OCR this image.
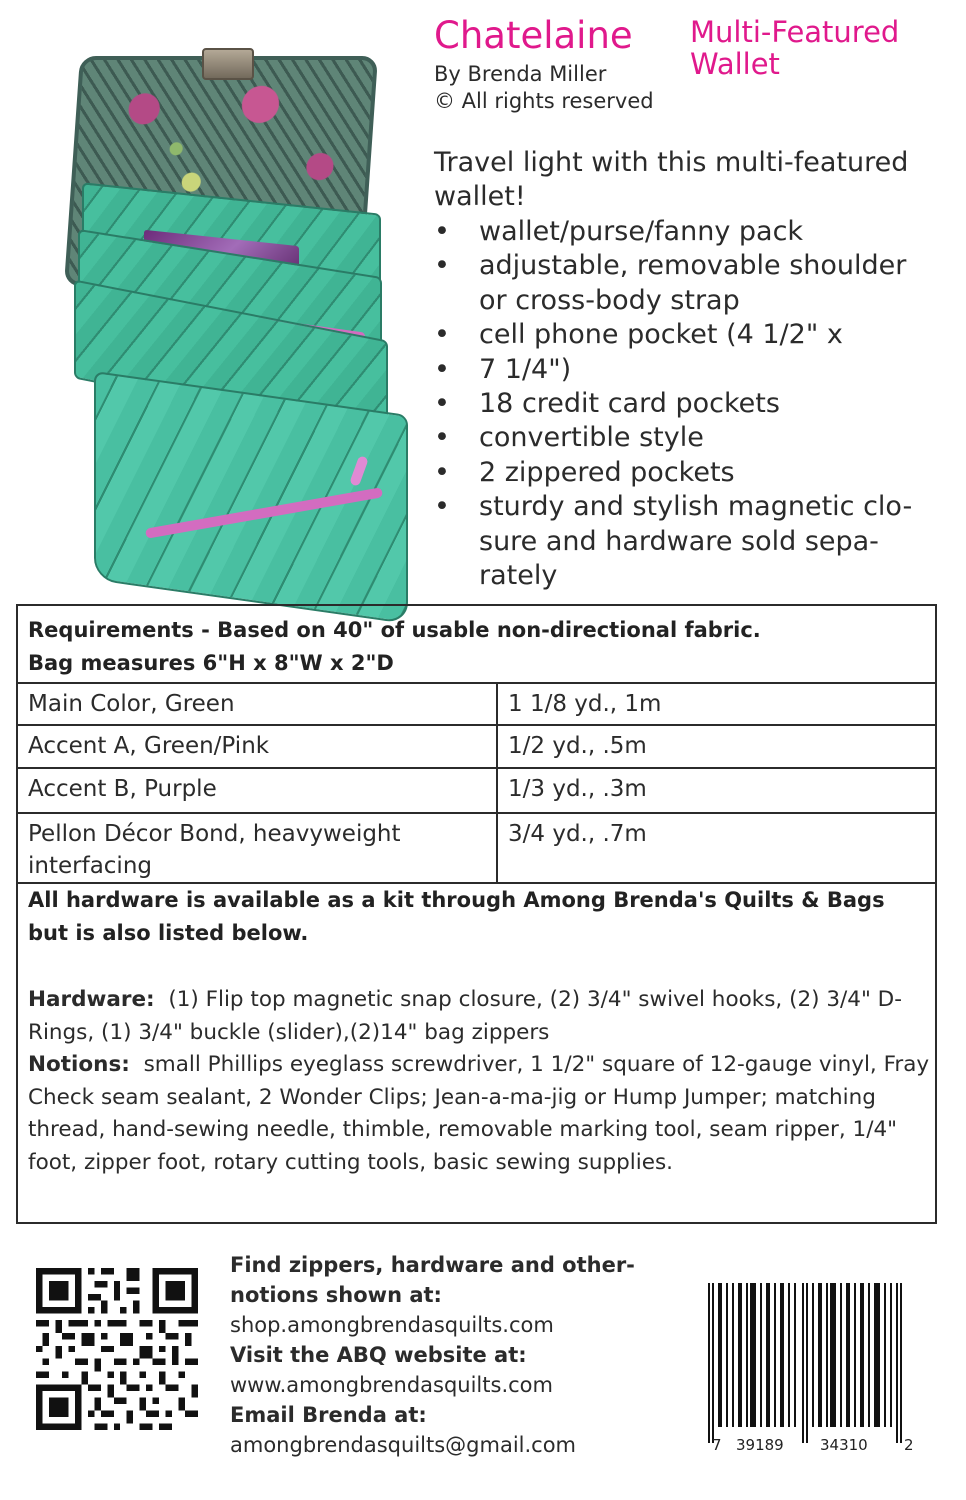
Chatelaine Multi-Featured
Wallet
By Brenda Miller
© All rights reserved
Travel light with this multi-featured wallet!
• wallet/purse/fanny pack
• adjustable, removable shoulder or cross-body strap
• cell phone pocket (4 1/2" x
• 7 1/4")
• 18 credit card pockets
• convertible style
• 2 zippered pockets
• sturdy and stylish magnetic clo- sure and hardware sold sepa- rately
Requirements - Based on 40" of usable non-directional fabric.
Bag measures 6"H x 8"W x 2"D
Main Color, Green	1 1/8 yd., 1m
Accent A, Green/Pink	1/2 yd., .5m
Accent B, Purple	1/3 yd., .3m
Pellon Décor Bond, heavyweight interfacing	3/4 yd., .7m
All hardware is available as a kit through Among Brenda's Quilts & Bags but is also listed below.
Hardware: (1) Flip top magnetic snap closure, (2) 3/4" swivel hooks, (2) 3/4" D-Rings, (1) 3/4" buckle (slider),(2)14" bag zippers
Notions: small Phillips eyeglass screwdriver, 1 1/2" square of 12-gauge vinyl, Fray Check seam sealant, 2 Wonder Clips; Jean-a-ma-jig or Hump Jumper; matching thread, hand-sewing needle, thimble, removable marking tool, seam ripper, 1/4" foot, zipper foot, rotary cutting tools, basic sewing supplies.
Find zippers, hardware and other- notions shown at:
shop.amongbrendasquilts.com
Visit the ABQ website at:
www.amongbrendasquilts.com
Email Brenda at:
amongbrendasquilts@gmail.com	7 39189 34310 2
